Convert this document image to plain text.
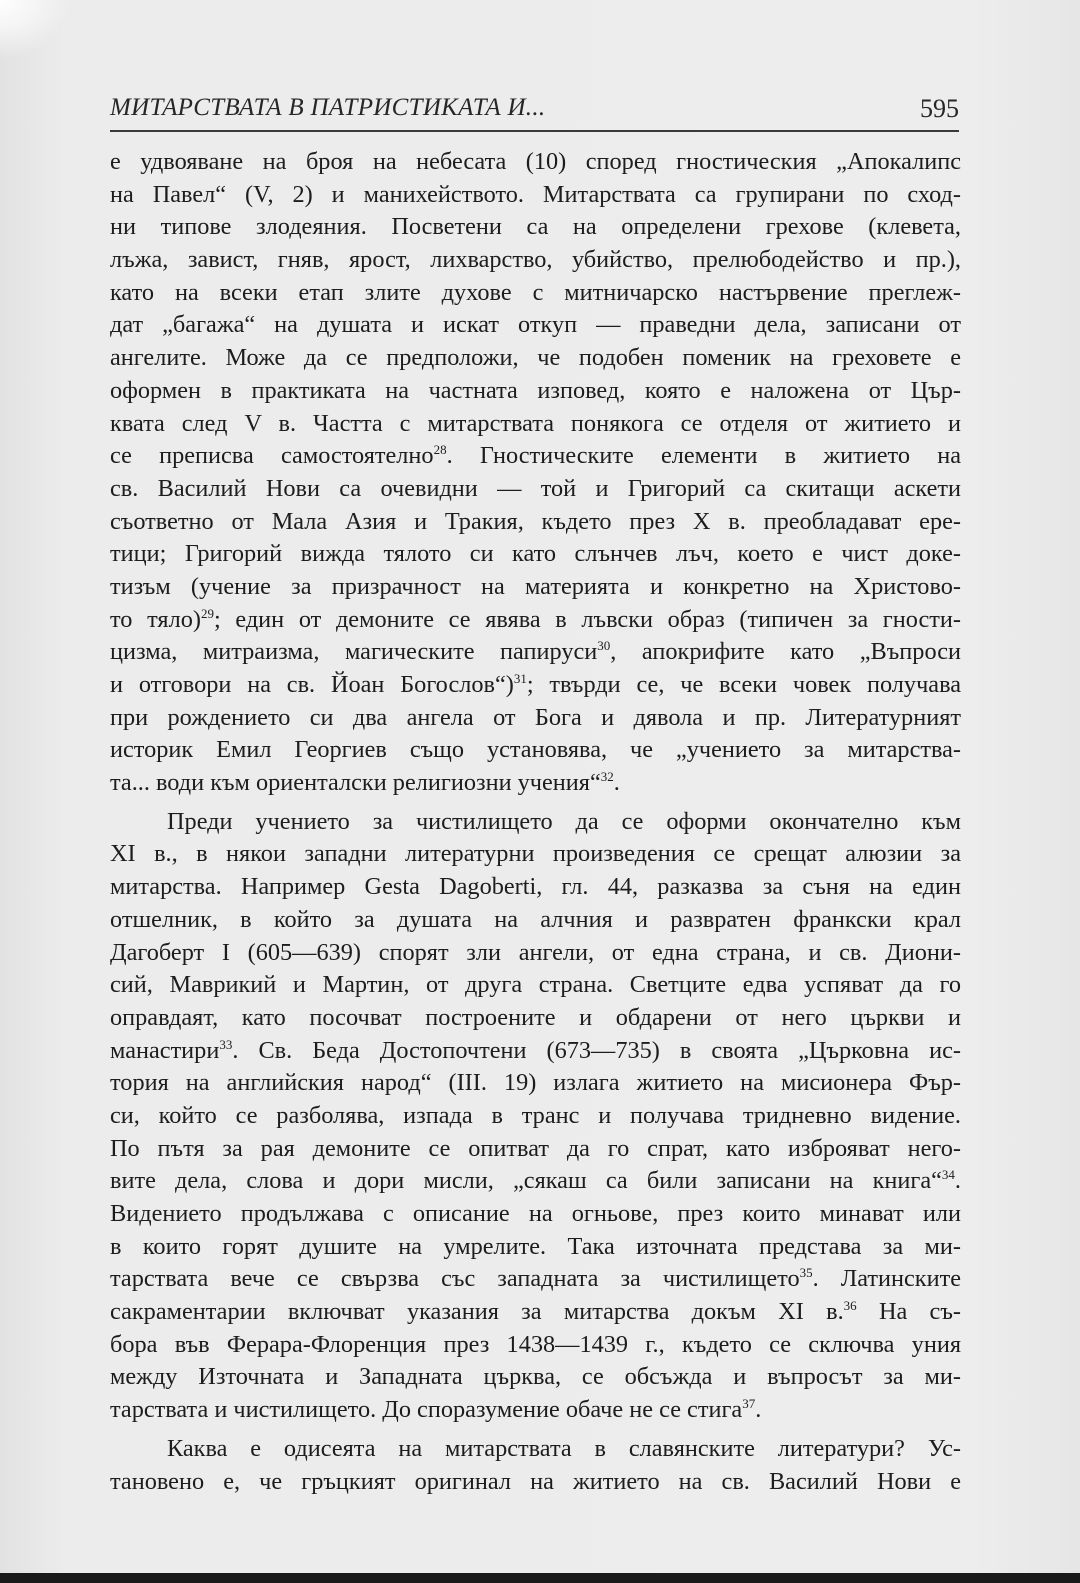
МИТАРСТВАТА В ПАТРИСТИКАТА И...	595
е удвояване на броя на небесата (10) според гностическия „Апокалипс
на Павел“ (V, 2) и манихейството. Митарствата са групирани по сход-
ни типове злодеяния. Посветени са на определени грехове (клевета,
лъжа, завист, гняв, ярост, лихварство, убийство, прелюбодейство и пр.),
като на всеки етап злите духове с митничарско настървение преглеж-
дат „багажа“ на душата и искат откуп — праведни дела, записани от
ангелите. Може да се предположи, че подобен поменик на греховете е
оформен в практиката на частната изповед, която е наложена от Цър-
квата след V в. Частта с митарствата понякога се отделя от житието и
се преписва самостоятелно$^{28}$. Гностическите елементи в житието на
св. Василий Нови са очевидни — той и Григорий са скитащи аскети
съответно от Мала Азия и Тракия, където през Х в. преобладават ере-
тици; Григорий вижда тялото си като слънчев лъч, което е чист доке-
тизъм (учение за призрачност на материята и конкретно на Христово-
то тяло)$^{29}$; един от демоните се явява в лъвски образ (типичен за гности-
цизма, митраизма, магическите папируси$^{30}$, апокрифите като „Въпроси
и отговори на св. Йоан Богослов“)$^{31}$; твърди се, че всеки човек получава
при рождението си два ангела от Бога и дявола и пр. Литературният
историк Емил Георгиев също установява, че „учението за митарства-
та... води към ориенталски религиозни учения“$^{32}$.
Преди учението за чистилището да се оформи окончателно към
XI в., в някои западни литературни произведения се срещат алюзии за
митарства. Например Gesta Dagoberti, гл. 44, разказва за съня на един
отшелник, в който за душата на алчния и развратен франкски крал
Дагоберт I (605—639) спорят зли ангели, от една страна, и св. Диони-
сий, Маврикий и Мартин, от друга страна. Светците едва успяват да го
оправдаят, като посочват построените и обдарени от него църкви и
манастири$^{33}$. Св. Беда Достопочтени (673—735) в своята „Църковна ис-
тория на английския народ“ (III. 19) излага житието на мисионера Фър-
си, който се разболява, изпада в транс и получава тридневно видение.
По пътя за рая демоните се опитват да го спрат, като изброяват него-
вите дела, слова и дори мисли, „сякаш са били записани на книга“$^{34}$.
Видението продължава с описание на огньове, през които минават или
в които горят душите на умрелите. Така източната представа за ми-
тарствата вече се свързва със западната за чистилището$^{35}$. Латинските
сакраментарии включват указания за митарства докъм XI в.$^{36}$ На съ-
бора във Ферара-Флоренция през 1438—1439 г., където се сключва уния
между Източната и Западната църква, се обсъжда и въпросът за ми-
тарствата и чистилището. До споразумение обаче не се стига$^{37}$.
Каква е одисеята на митарствата в славянските литератури? Ус-
тановено е, че гръцкият оригинал на житието на св. Василий Нови е
